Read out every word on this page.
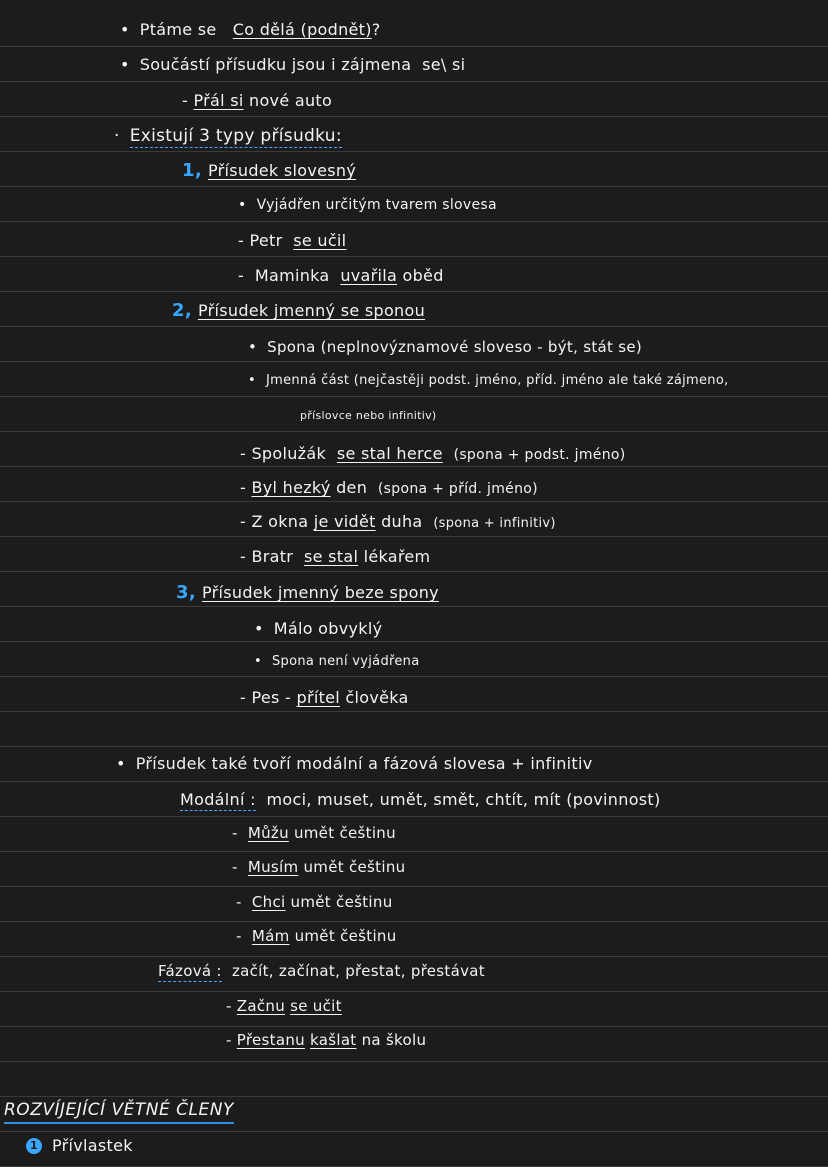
• Ptáme se Co dělá (podnět)?
• Součástí přísudku jsou i zájmena se\ si
- Přál si nové auto
· Existují 3 typy přísudku:
1, Přísudek slovesný
• Vyjádřen určitým tvarem slovesa
- Petr se učil
-  Maminka uvařila oběd
2, Přísudek jmenný se sponou
• Spona (neplnovýznamové sloveso - být, stát se)
• Jmenná část (nejčastěji podst. jméno, příd. jméno ale také zájmeno,
příslovce nebo infinitiv)
- Spolužák se stal herce (spona + podst. jméno)
- Byl hezký den (spona + příd. jméno)
- Z okna je vidět duha (spona + infinitiv)
- Bratr se stal lékařem
3, Přísudek jmenný beze spony
• Málo obvyklý
• Spona není vyjádřena
- Pes - přítel člověka
• Přísudek také tvoří modální a fázová slovesa + infinitiv
Modální : moci, muset, umět, smět, chtít, mít (povinnost)
-  Můžu umět češtinu
-  Musím umět češtinu
-  Chci umět češtinu
-  Mám umět češtinu
Fázová : začít, začínat, přestat, přestávat
- Začnu se učit
- Přestanu kašlat na školu
ROZVÍJEJÍCÍ VĚTNÉ ČLENY
1 Přívlastek
